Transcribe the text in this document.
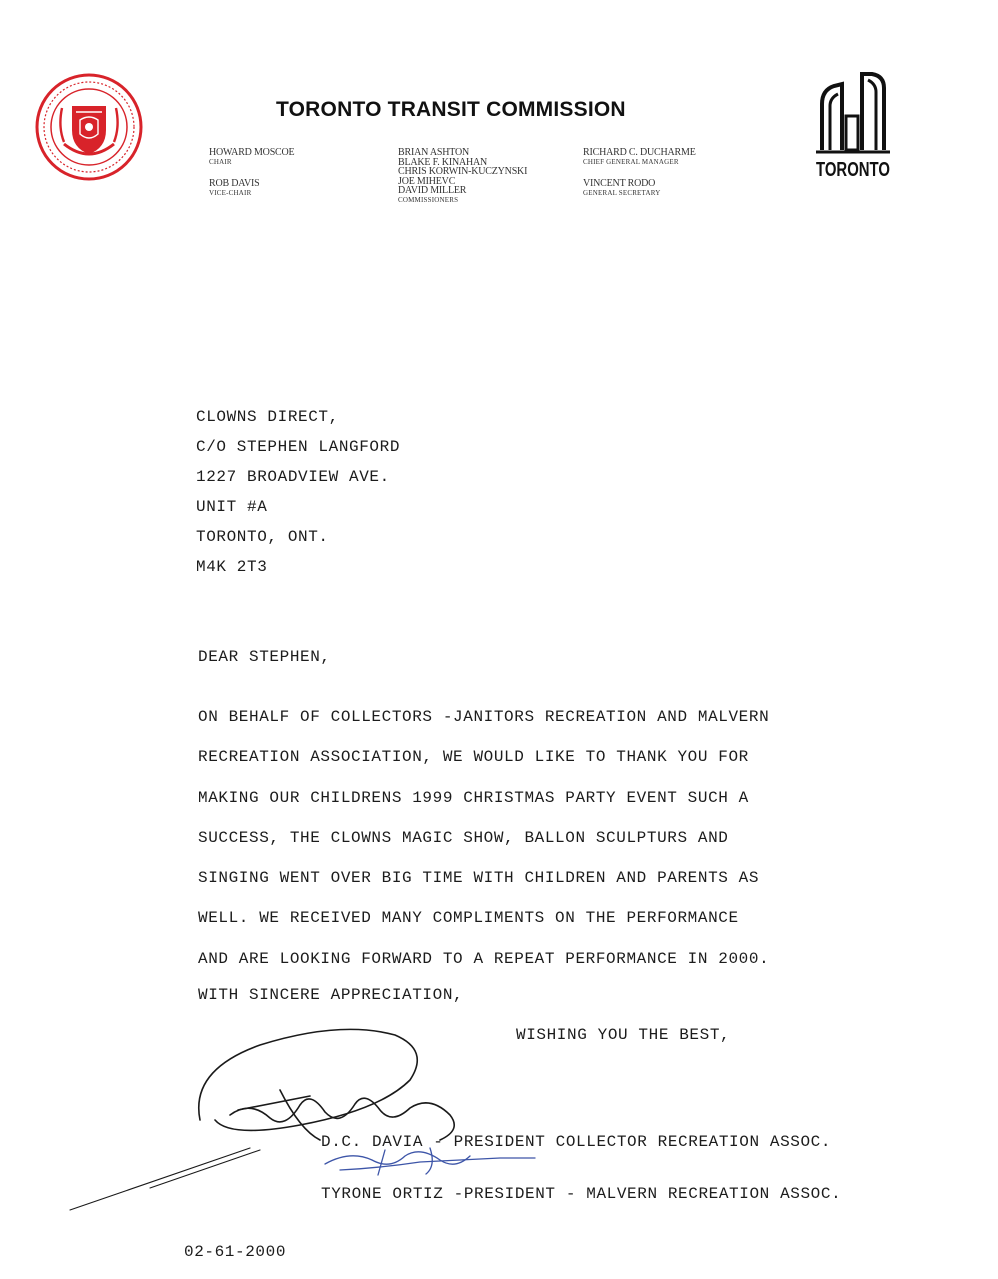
TORONTO TRANSIT COMMISSION
HOWARD MOSCOE
CHAIR
ROB DAVIS
VICE-CHAIR
BRIAN ASHTON
BLAKE F. KINAHAN
CHRIS KORWIN-KUCZYNSKI
JOE MIHEVC
DAVID MILLER
COMMISSIONERS
RICHARD C. DUCHARME
CHIEF GENERAL MANAGER
VINCENT RODO
GENERAL SECRETARY
TORONTO
CLOWNS DIRECT,
C/O STEPHEN LANGFORD
1227 BROADVIEW AVE.
UNIT #A
TORONTO, ONT.
M4K 2T3
DEAR STEPHEN,
ON BEHALF OF COLLECTORS -JANITORS RECREATION AND MALVERN
RECREATION ASSOCIATION, WE WOULD LIKE TO THANK YOU FOR
MAKING OUR CHILDRENS 1999 CHRISTMAS PARTY EVENT SUCH A
SUCCESS, THE CLOWNS MAGIC SHOW, BALLON SCULPTURS AND
SINGING WENT OVER BIG TIME WITH CHILDREN AND PARENTS AS
WELL. WE RECEIVED MANY COMPLIMENTS ON THE PERFORMANCE
AND ARE LOOKING FORWARD TO A REPEAT PERFORMANCE IN 2000.
WITH SINCERE APPRECIATION,
WISHING YOU THE BEST,
D.C. DAVIA - PRESIDENT COLLECTOR RECREATION ASSOC.
TYRONE ORTIZ -PRESIDENT - MALVERN RECREATION ASSOC.
02-61-2000
